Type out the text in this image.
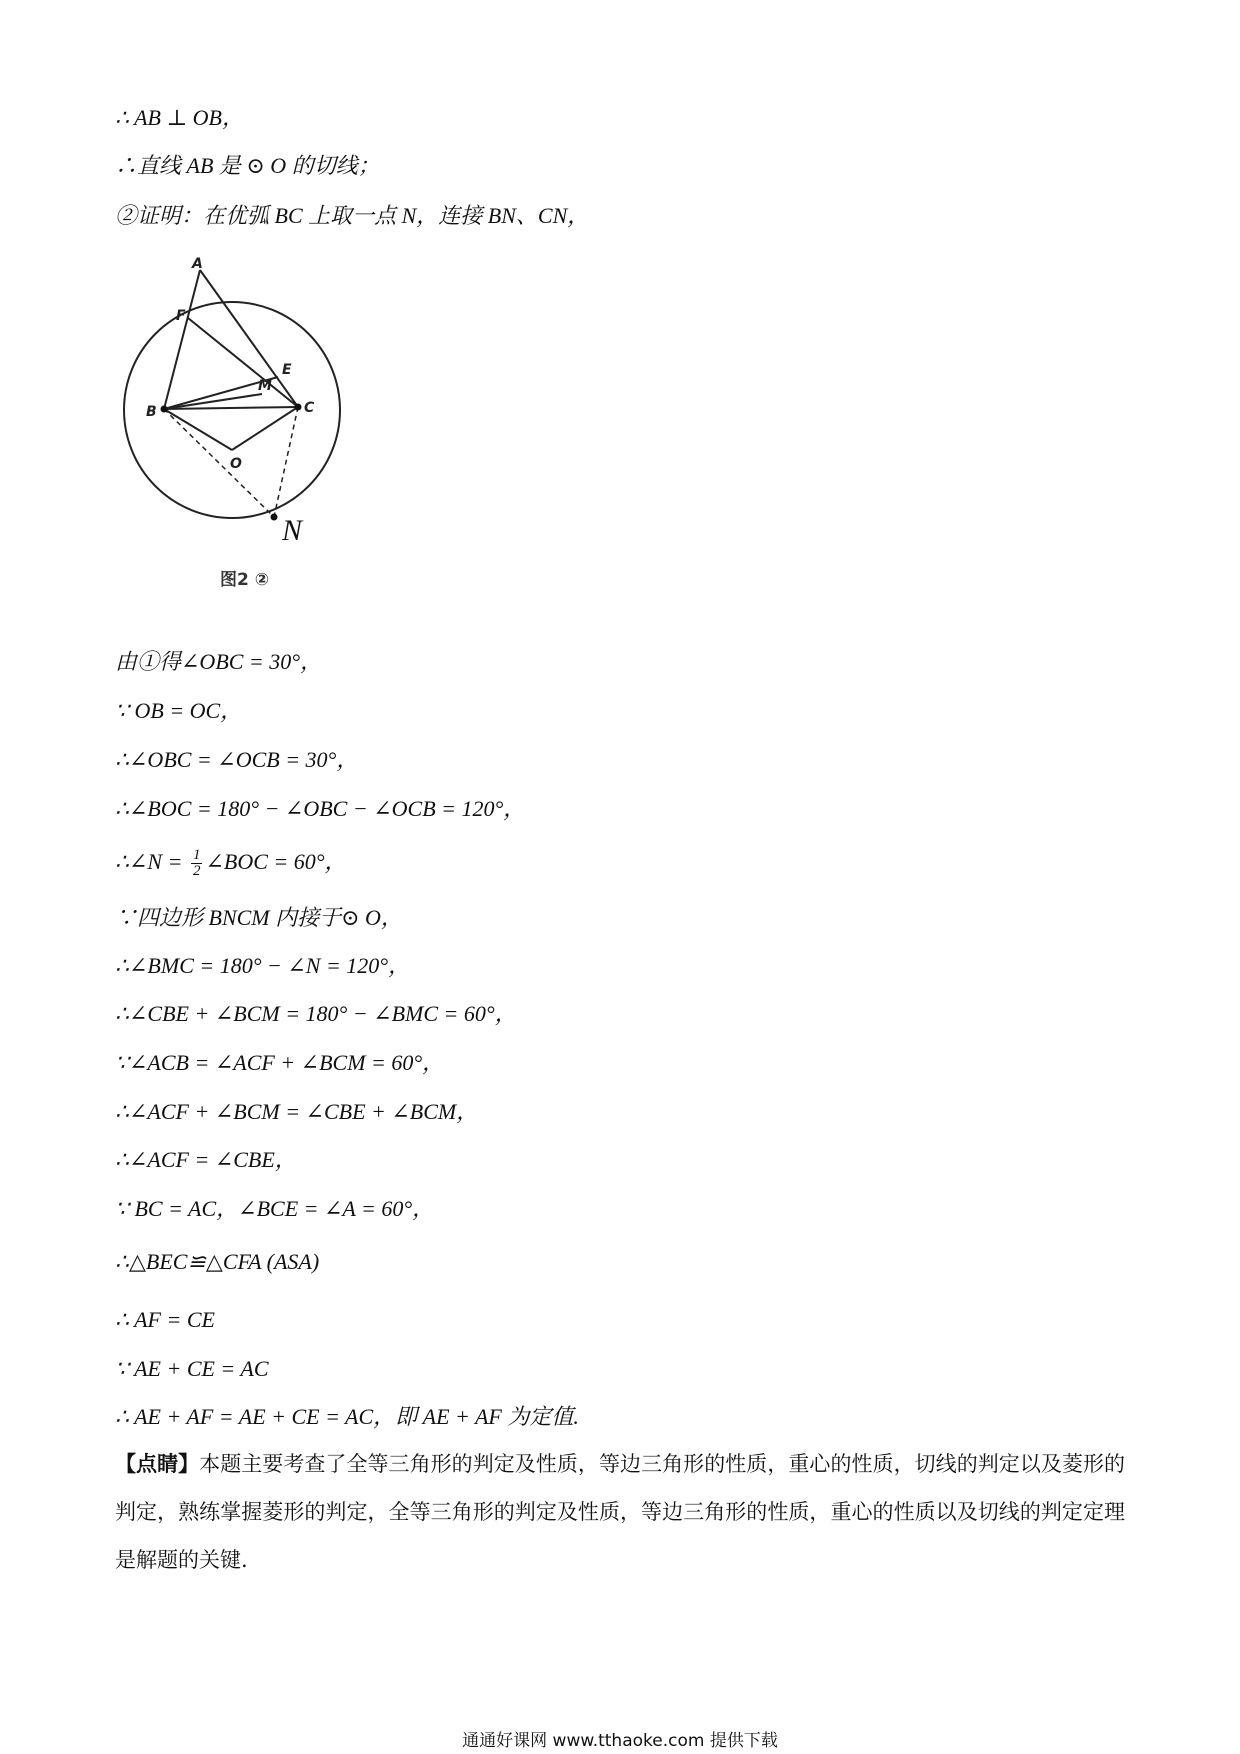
∴ AB ⊥ OB，
∴直线 AB 是 ⊙ O 的切线；
②证明：在优弧 BC 上取一点 N，连接 BN、CN，
A
F
E
M
B	C
O
N
图2 ②
由①得∠OBC = 30°，
∵ OB = OC，
∴∠OBC = ∠OCB = 30°，
∴∠BOC = 180° − ∠OBC − ∠OCB = 120°，
∴∠N = $\frac{1}{2}$ ∠BOC = 60°，
∵四边形 BNCM 内接于⊙ O，
∴∠BMC = 180° − ∠N = 120°，
∴∠CBE + ∠BCM = 180° − ∠BMC = 60°，
∵∠ACB = ∠ACF + ∠BCM = 60°，
∴∠ACF + ∠BCM = ∠CBE + ∠BCM，
∴∠ACF = ∠CBE，
∵ BC = AC，∠BCE = ∠A = 60°，
∴△BEC≌△CFA (ASA)
∴ AF = CE
∵ AE + CE = AC
∴ AE + AF = AE + CE = AC，即 AE + AF 为定值.
【点睛】本题主要考查了全等三角形的判定及性质，等边三角形的性质，重心的性质，切线的判定以及菱形的判定，熟练掌握菱形的判定，全等三角形的判定及性质，等边三角形的性质，重心的性质以及切线的判定定理是解题的关键.
通通好课网 www.tthaoke.com 提供下载
